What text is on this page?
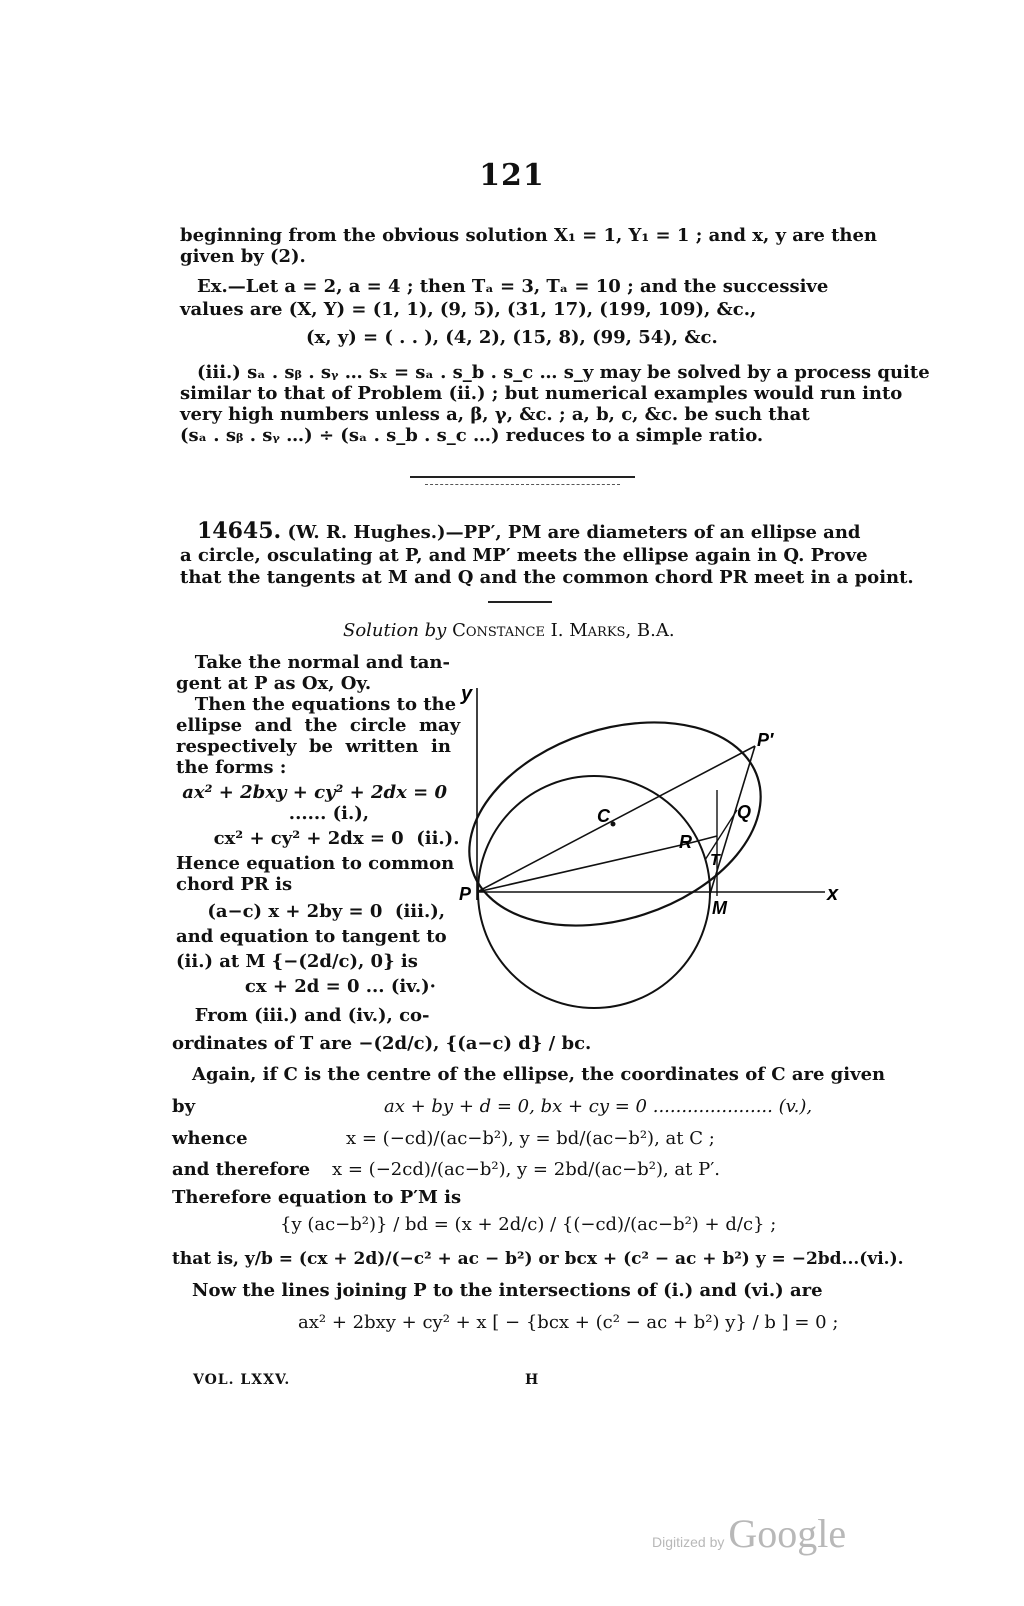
121
beginning from the obvious solution X₁ = 1, Y₁ = 1 ; and x, y are then
given by (2).
Ex.—Let a = 2, a = 4 ; then Tₐ = 3, Tₐ = 10 ; and the successive
values are (X, Y) = (1, 1), (9, 5), (31, 17), (199, 109), &c.,
(x, y) = ( . . ), (4, 2), (15, 8), (99, 54), &c.
(iii.) sₐ . sᵦ . sᵧ … sₓ = sₐ . s_b . s_c … s_y may be solved by a process quite
similar to that of Problem (ii.) ; but numerical examples would run into
very high numbers unless a, β, γ, &c. ; a, b, c, &c. be such that
(sₐ . sᵦ . sᵧ …) ÷ (sₐ . s_b . s_c …) reduces to a simple ratio.
14645. (W. R. Hughes.)—PP′, PM are diameters of an ellipse and
a circle, osculating at P, and MP′ meets the ellipse again in Q. Prove
that the tangents at M and Q and the common chord PR meet in a point.
Solution by Constance I. Marks, B.A.
Take the normal and tan-
gent at P as Ox, Oy.
Then the equations to the
ellipse  and  the  circle  may
respectively  be  written  in
the forms :
ax² + 2bxy + cy² + 2dx = 0
...... (i.),
cx² + cy² + 2dx = 0  (ii.).
Hence equation to common
chord PR is
(a−c) x + 2by = 0  (iii.),
and equation to tangent to
(ii.) at M {−(2d/c), 0} is
cx + 2d = 0 ... (iv.)·
From (iii.) and (iv.), co-
y
x
P
P′
Q
C
R
T
M
ordinates of T are −(2d/c), {(a−c) d} / bc.
Again, if C is the centre of the ellipse, the coordinates of C are given
by	ax + by + d = 0, bx + cy = 0 ..................... (v.),
whence	x = (−cd)/(ac−b²), y = bd/(ac−b²), at C ;
and therefore x = (−2cd)/(ac−b²), y = 2bd/(ac−b²), at P′.
Therefore equation to P′M is
{y (ac−b²)} / bd = (x + 2d/c) / {(−cd)/(ac−b²) + d/c} ;
that is, y/b = (cx + 2d)/(−c² + ac − b²) or bcx + (c² − ac + b²) y = −2bd...(vi.).
Now the lines joining P to the intersections of (i.) and (vi.) are
ax² + 2bxy + cy² + x [ − {bcx + (c² − ac + b²) y} / b ] = 0 ;
VOL. LXXV.	H
Digitized by Google
